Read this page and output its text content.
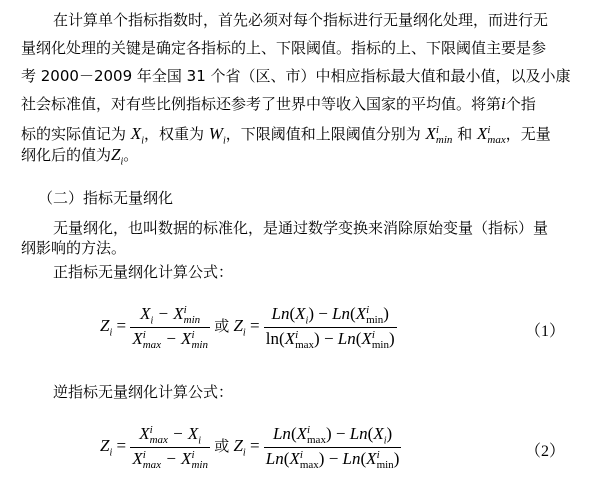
在计算单个指标指数时，首先必须对每个指标进行无量纲化处理，而进行无
量纲化处理的关键是确定各指标的上、下限阈值。指标的上、下限阈值主要是参
考 2000－2009 年全国 31 个省（区、市）中相应指标最大值和最小值，以及小康
社会标准值，对有些比例指标还参考了世界中等收入国家的平均值。将第i个指
标的实际值记为 $X_i$，权重为 $W_i$，下限阈值和上限阈值分别为 X i
min 和 X i
max ，无量
纲化后的值为$Z_i$。
（二）指标无量纲化
无量纲化，也叫数据的标准化，是通过数学变换来消除原始变量（指标）量
纲影响的方法。
正指标无量纲化计算公式：
$Z_i = X_i - X$ i
min
X i
max − X i
min 或 $Z_i = Ln(X_i) - Ln(X$ i
min )
ln(X i
max ) − Ln(X i
min )	（1）
逆指标无量纲化计算公式：
$Z_i = X$ i
$\max - X_i$
X i
max − X i
min 或 $Z_i = Ln(X$ i
max ) − $Ln(X_i)$
Ln(X i
max ) − Ln(X i
min )	（2）
